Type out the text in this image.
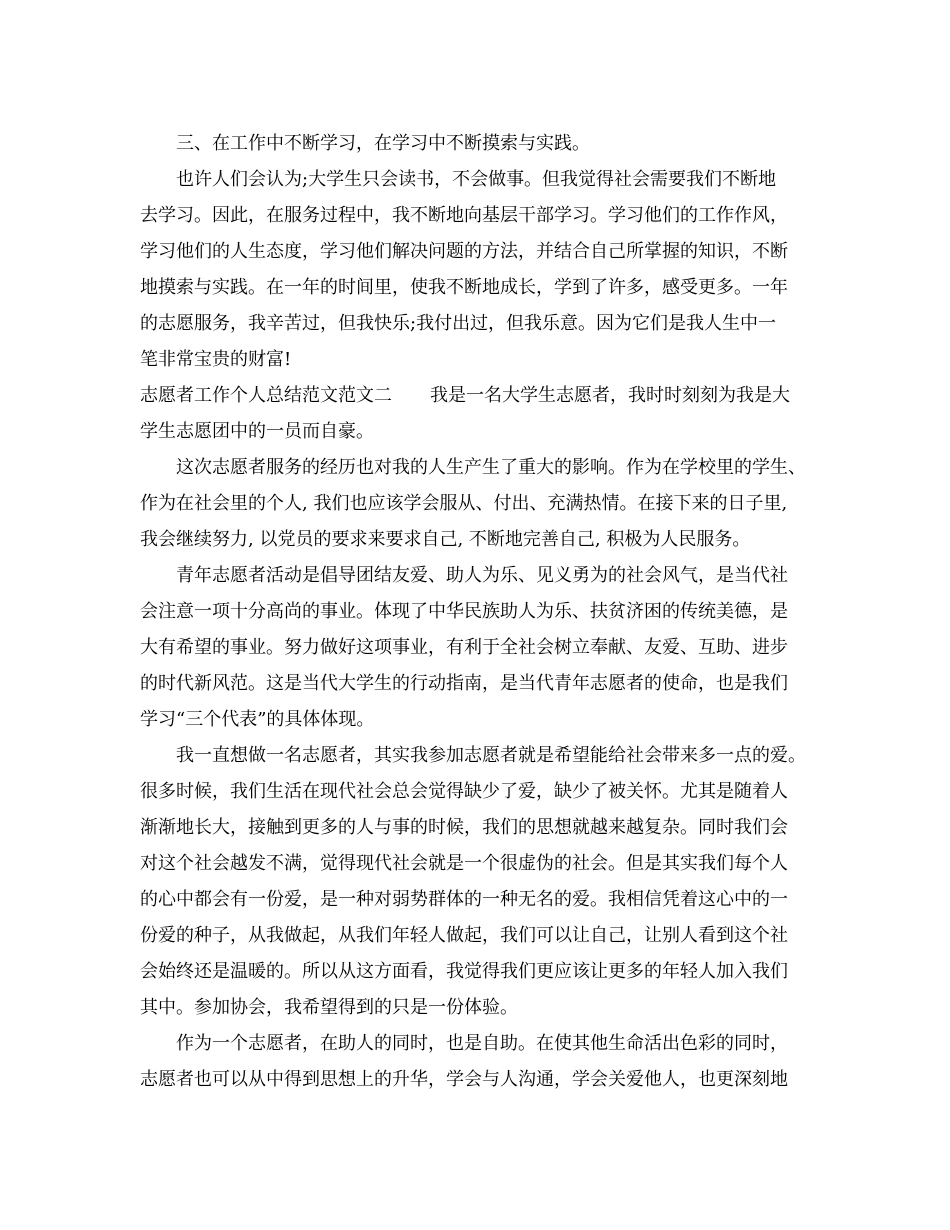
三、在工作中不断学习，在学习中不断摸索与实践。
也许人们会认为;大学生只会读书，不会做事。但我觉得社会需要我们不断地
去学习。因此，在服务过程中，我不断地向基层干部学习。学习他们的工作作风，
学习他们的人生态度，学习他们解决问题的方法，并结合自己所掌握的知识，不断
地摸索与实践。在一年的时间里，使我不断地成长，学到了许多，感受更多。一年
的志愿服务，我辛苦过，但我快乐;我付出过，但我乐意。因为它们是我人生中一
笔非常宝贵的财富!
志愿者工作个人总结范文范文二 我是一名大学生志愿者，我时时刻刻为我是大
学生志愿团中的一员而自豪。
这次志愿者服务的经历也对我的人生产生了重大的影响。作为在学校里的学生、
作为在社会里的个人, 我们也应该学会服从、付出、充满热情。在接下来的日子里,
我会继续努力, 以党员的要求来要求自己, 不断地完善自己, 积极为人民服务。
青年志愿者活动是倡导团结友爱、助人为乐、见义勇为的社会风气，是当代社
会注意一项十分高尚的事业。体现了中华民族助人为乐、扶贫济困的传统美德，是
大有希望的事业。努力做好这项事业，有利于全社会树立奉献、友爱、互助、进步
的时代新风范。这是当代大学生的行动指南，是当代青年志愿者的使命，也是我们
学习“三个代表”的具体体现。
我一直想做一名志愿者，其实我参加志愿者就是希望能给社会带来多一点的爱。
很多时候，我们生活在现代社会总会觉得缺少了爱，缺少了被关怀。尤其是随着人
渐渐地长大，接触到更多的人与事的时候，我们的思想就越来越复杂。同时我们会
对这个社会越发不满，觉得现代社会就是一个很虚伪的社会。但是其实我们每个人
的心中都会有一份爱，是一种对弱势群体的一种无名的爱。我相信凭着这心中的一
份爱的种子，从我做起，从我们年轻人做起，我们可以让自己，让别人看到这个社
会始终还是温暖的。所以从这方面看，我觉得我们更应该让更多的年轻人加入我们
其中。参加协会，我希望得到的只是一份体验。
作为一个志愿者，在助人的同时，也是自助。在使其他生命活出色彩的同时，
志愿者也可以从中得到思想上的升华，学会与人沟通，学会关爱他人，也更深刻地
